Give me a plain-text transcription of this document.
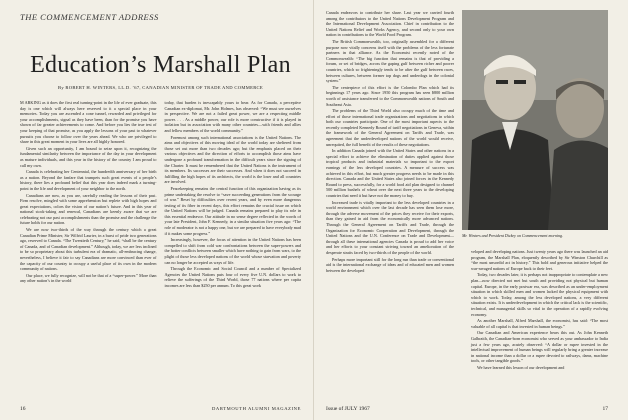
THE COMMENCEMENT ADDRESS
Education’s Marshall Plan
By ROBERT H. WINTERS, LL.D. ’67, CANADIAN MINISTER OF TRADE AND COMMERCE

M ARKING as it does the first real turning-point in the life of ever graduate, this day is one which will always here reserved to it a special place in your memories. Today you are ascended a cone tunnel, rewarded and privileged for your accomplishments, signal as they have been, than for the promise you have shown of far greater achievements to come. And before you lies the true test of your keeping of that promise, as you apply the lessons of your past to whatever pursuits you choose to follow over the years ahead. We who are privileged to share in this great moment in your lives are all highly honored.

Given such an opportunity, I am bound to seize upon it, recognizing the fundamental similarity between the importance of the day in your development as mature individuals, and this year in the history of the country I am proud to call my own.

Canada is celebrating her Centennial, the hundredth anniversary of her birth as a nation. Beyond the fanfare that trumpets such great events of a people’s history, there lies a profound belief that this year does indeed mark a turning-point in the life and development of your neighbor to the north.

Canadians are now, as you are, carefully reading the lessons of their past. Firm resolve, mingled with some apprehension but replete with high hopes and great expectations, colors the vision of our nation’s future. And in this year of national stock-taking and renewal, Canadians are keenly aware that we are celebrating not our past accomplishments than the promise and the challenge the future holds for our nation.

We are now two-thirds of the way through the century which a great Canadian Prime Minister, Sir Wilfrid Laurier, in a burst of pride two generations ago, reserved to Canada. “The Twentieth Century,” he said, “shall be the century of Canada, and of Canadian development.” Although, today, we are less inclined to be so proprietary about this turbulent era of dramatic, all-embracing change, nevertheless, I believe it fair to say Canadians are more convinced than ever of the capacity of our country to occupy a useful place of its own in the modern community of nations.

Our place, we fully recognize, will not be that of a “super-power.” More than any other nation’s in the world

today, that burden is inescapably yours to bear. As for Canada, a perceptive Canadian ex-diplomat, Mr. John Holmes, has observed: “We must see ourselves in perspective. We are not a failed great power, we are a respecting middle power. . . . As a middle power, our role is more constructive if it is played in isolation but in association with many other countries—with friends and allies and fellow members of the world community.”

Foremost among such international associations is the United Nations. The aims and objectives of this moving ideal of the world today are sheltered from those set out more than two decades ago; but the emphasis placed on their various objectives and the direction of efforts to accomplish those aims have undergone a profound transformation in the difficult years since the signing of the Charter. It must be remembered that the United Nations is the instrument of its members. Its successes are their successes. And when it does not succeed in fulfilling the high hopes of its architects, the world is the loser and all countries are involved.

Peacekeeping remains the central function of this organization having as its prime undertaking the resolve to “save succeeding generations from the scourge of war.” Beset by difficulties over recent years, and by even more dangerous testing of its fiber in recent days, this effort remains the crucial issue on which the United Nations will be judged. Canada remains prepared to play its role in this essential endeavor. Our attitude in no sense degree reflected in the words of your late President, John F. Kennedy, in a similar situation five years ago: “The role of moderator is not a happy one, but we are prepared to have everybody mad if it makes some progress.”

Increasingly, however, the focus of attention in the United Nations has been compelled to shift from cold war confrontations between the super-powers and the hotter conflicts between smaller which have nothing to gain from wars, to the plight of those less developed nations of the world whose starvation and poverty can no longer be accepted as ways of life.

Through the Economic and Social Council and a number of Specialized Agencies the United Nations puts four of every five U.N. dollars to work to relieve the sufferings of the Third World, those 77 nations where per capita incomes are less than $250 per annum. To this great work

16	DARTMOUTH ALUMNI MAGAZINE

Canada endeavors to contribute her share. Last year we carried fourth among the contributors to the United Nations Development Program and the International Development Association. Chief in contribution to the United Nations Relief and Works Agency, and second only to your own nation in contributions to the World Food Program.

The British Commonwealth, too, originally assembled for a different purpose now vitally concerns itself with the problems of the less fortunate partners in that alliance. As the Economist recently noted of the Commonwealth: “The big function that remains is that of providing a forum, or set of bridges, across the gaping gulf between richer and poorer countries, which so frighteningly tends to be after the gulf between races, between cultures, between former top dogs and underdogs in the colonial system.”

The centerpiece of this effort is the Colombo Plan which had its beginnings 17 years ago. Since 1950 this program has seen $800 million worth of assistance transferred to the Commonwealth nations of South and Southeast Asia.

The problems of the Third World also occupy much of the time and effort of those international trade organizations and negotiations in which both our countries participate. One of the most important aspects to the recently completed Kennedy Round of tariff negotiations in Geneva, within the framework of the General Agreement on Tariffs and Trade, was agreement that the underdeveloped nations of the world would receive, unrequited, the full benefit of the results of these negotiations.

In addition Canada joined with the United States and other nations in a special effort to achieve the elimination of duties applied against those tropical products and industrial materials so important to the export earnings of the less developed countries. A measure of success was achieved in this effort, but much greater progress needs to be made in this direction. Canada and the United States also joined forces in the Kennedy Round to press, successfully, for a world food aid plan designed to channel 500 million bushels of wheat over the next three years to the developing countries that need it but have not the money to buy.

Increased trade is vitally important to the less developed countries in a world environment which over the last decade has seen them lose more, through the adverse movement of the prices they receive for their exports, than they gained in aid from the economically more advanced nations. Through the General Agreement on Tariffs and Trade, through the Organization for Economic Cooperation and Development, through the United Nations and the U.N. Conference on Trade and Development—through all these international agencies Canada is proud to add her voice and her efforts to your constant striving toward an amelioration of the desperate straits faced by two-thirds of the people of the world.

Perhaps more important still for the long run than trade or conventional aid is the international exchange of ideas and of educated men and women between the developed

Mr. Winters and President Dickey on Commencement morning.

veloped and developing nations. Just twenty years ago there was launched an aid program, the Marshall Plan, eloquently described by Sir Winston Churchill as “the most unsordid act in history.” This bold and generous initiative helped the war-ravaged nations of Europe back to their feet.

Today, two decades later, it is perhaps not inappropriate to contemplate a new plan—now directed not met but south and providing not physical but human capital. Europe, in the early postwar era, was described as an under-employment situation in which skilled men and women lacked the physical equipment with which to work. Today, among the less developed nations, a very different situation exists. It is underdevelopment in which the critical lack is the scientific, technical, and managerial skills so vital to the operation of a rapidly evolving economy.

As another Marshall, Alfred Marshall, the economist, has said: “The most valuable of all capital is that invested in human beings.”

Our Canadian and American experience bears this out. As John Kenneth Galbraith, the Canadian-born economist who served as your ambassador to India just a few years ago, acutely observed: “A dollar or rupee invested in the intellectual improvement of human beings will regularly bring a greater increase in national income than a dollar or a rupee devoted to railways, dams, machine tools, or other tangible goods.”

We have learned this lesson of our development and

Issue of JULY 1967	17
